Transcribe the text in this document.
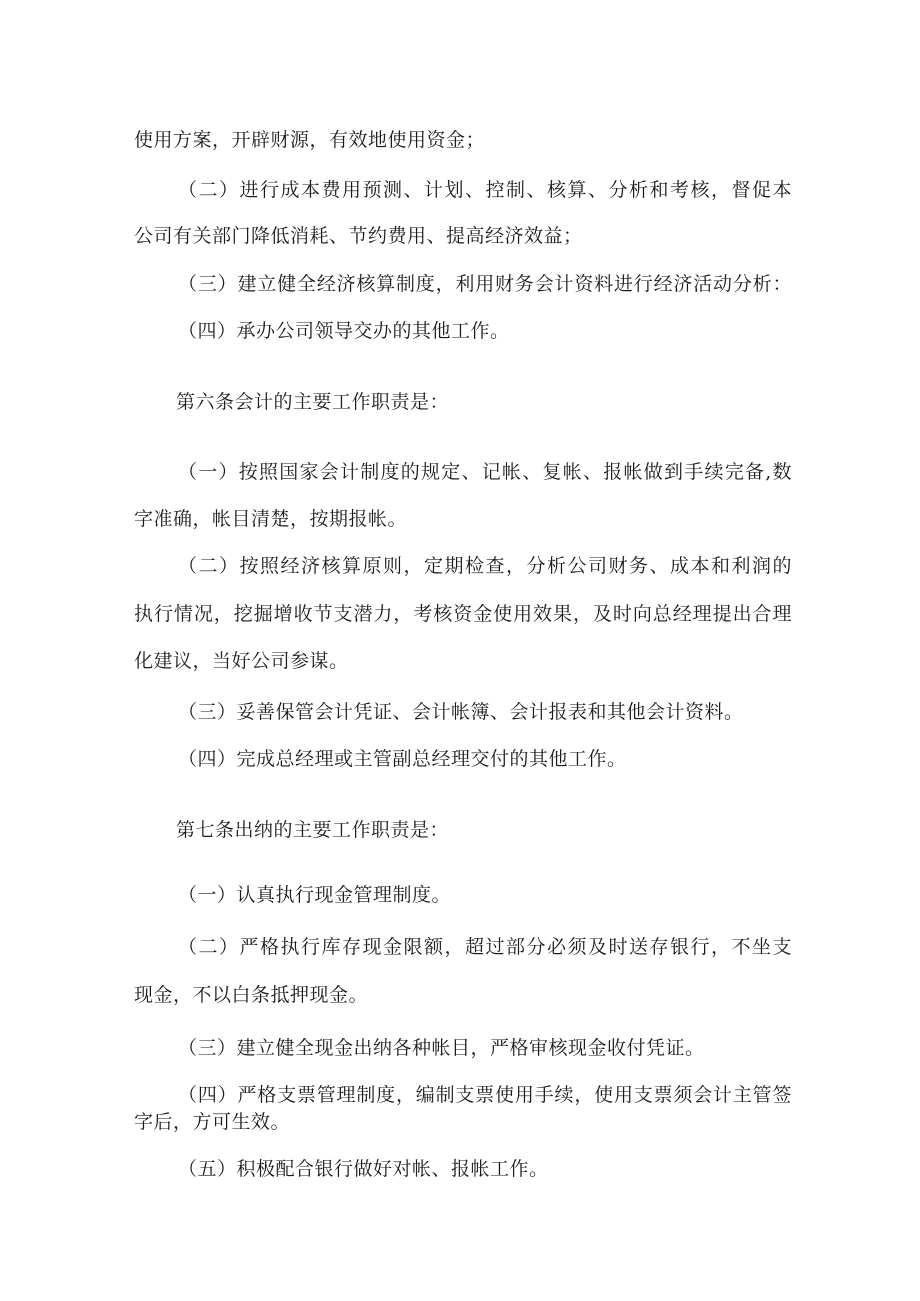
使用方案，开辟财源，有效地使用资金；
（二）进行成本费用预测、计划、控制、核算、分析和考核，督促本
公司有关部门降低消耗、节约费用、提高经济效益；
（三）建立健全经济核算制度，利用财务会计资料进行经济活动分析：
（四）承办公司领导交办的其他工作。
第六条会计的主要工作职责是：
（一）按照国家会计制度的规定、记帐、复帐、报帐做到手续完备,数
字准确，帐目清楚，按期报帐。
（二）按照经济核算原则，定期检查，分析公司财务、成本和利润的
执行情况，挖掘增收节支潜力，考核资金使用效果，及时向总经理提出合理
化建议，当好公司参谋。
（三）妥善保管会计凭证、会计帐簿、会计报表和其他会计资料。
（四）完成总经理或主管副总经理交付的其他工作。
第七条出纳的主要工作职责是：
（一）认真执行现金管理制度。
（二）严格执行库存现金限额，超过部分必须及时送存银行，不坐支
现金，不以白条抵押现金。
（三）建立健全现金出纳各种帐目，严格审核现金收付凭证。
（四）严格支票管理制度，编制支票使用手续，使用支票须会计主管签
字后，方可生效。
（五）积极配合银行做好对帐、报帐工作。
